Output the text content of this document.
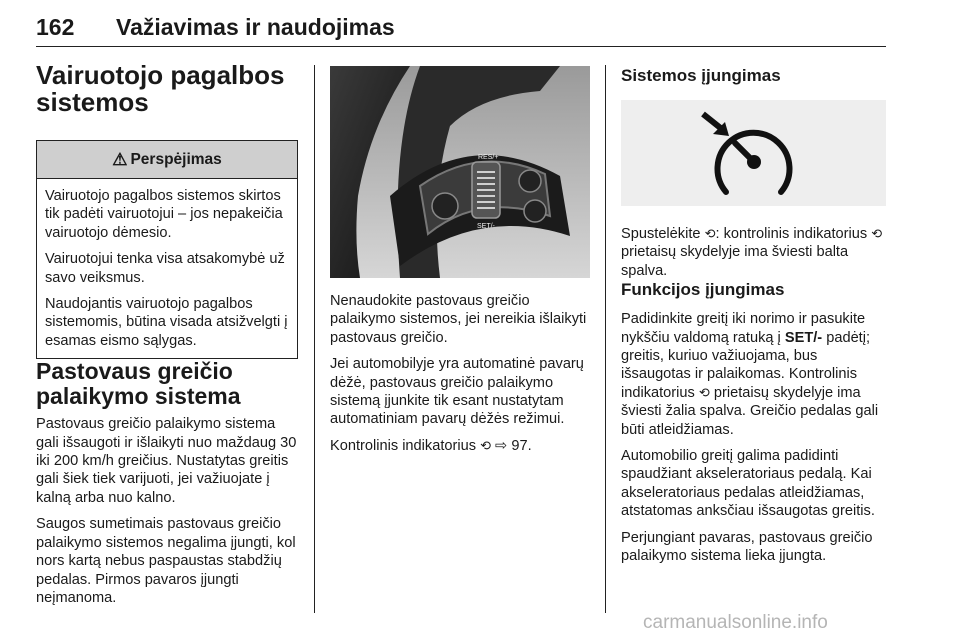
162 Važiavimas ir naudojimas
Vairuotojo pagalbos sistemos
⚠ Perspėjimas

Vairuotojo pagalbos sistemos skirtos tik padėti vairuotojui – jos nepakeičia vairuotojo dėmesio.

Vairuotojui tenka visa atsakomybė už savo veiksmus.

Naudojantis vairuotojo pagalbos sistemomis, būtina visada atsižvelgti į esamas eismo sąlygas.

Pastovaus greičio palaikymo sistema

Pastovaus greičio palaikymo sistema gali išsaugoti ir išlaikyti nuo maždaug 30 iki 200 km/h greičius. Nustatytas greitis gali šiek tiek varijuoti, jei važiuojate į kalną arba nuo kalno.

Saugos sumetimais pastovaus greičio palaikymo sistemos negalima įjungti, kol nors kartą nebus paspaustas stabdžių pedalas. Pirmos pavaros įjungti neįmanoma.

RES/+
SET/-

Nenaudokite pastovaus greičio palaikymo sistemos, jei nereikia išlaikyti pastovaus greičio.

Jei automobilyje yra automatinė pavarų dėžė, pastovaus greičio palaikymo sistemą įjunkite tik esant nustatytam automatiniam pavarų dėžės režimui.

Kontrolinis indikatorius ⟲ ⇨ 97.

Sistemos įjungimas

Spustelėkite ⟲: kontrolinis indikatorius ⟲ prietaisų skydelyje ima šviesti balta spalva.

Funkcijos įjungimas

Padidinkite greitį iki norimo ir pasukite nykščiu valdomą ratuką į SET/- padėtį; greitis, kuriuo važiuojama, bus išsaugotas ir palaikomas. Kontrolinis indikatorius ⟲ prietaisų skydelyje ima šviesti žalia spalva. Greičio pedalas gali būti atleidžiamas.

Automobilio greitį galima padidinti spaudžiant akseleratoriaus pedalą. Kai akseleratoriaus pedalas atleidžiamas, atstatomas anksčiau išsaugotas greitis.

Perjungiant pavaras, pastovaus greičio palaikymo sistema lieka įjungta.

carmanualsonline.info
